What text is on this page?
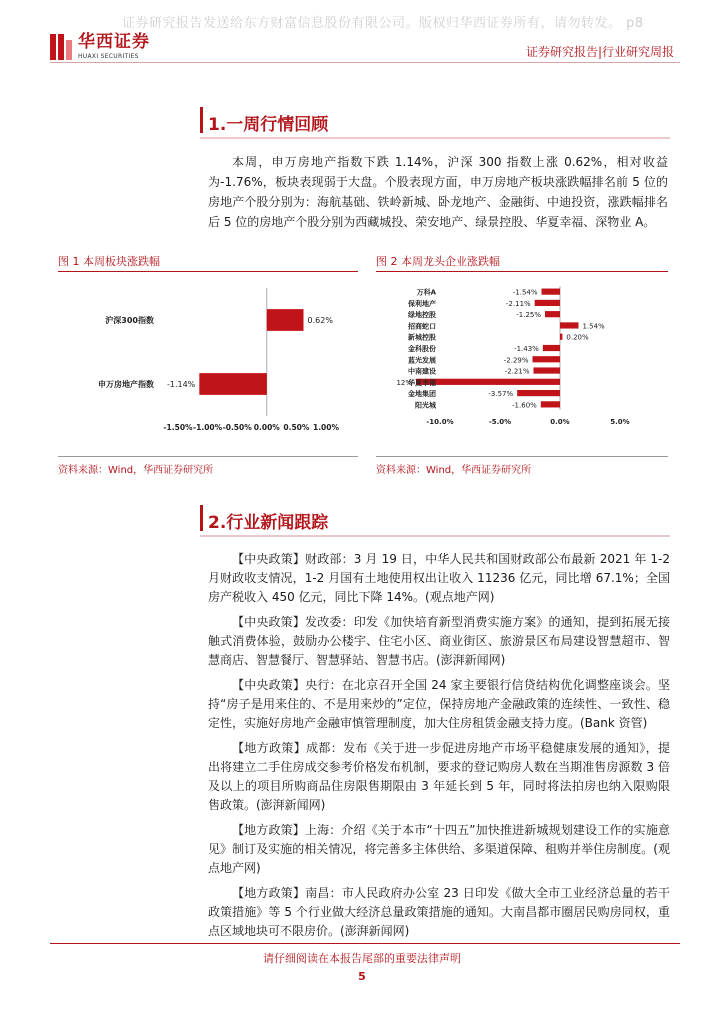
证券研究报告发送给东方财富信息股份有限公司。版权归华西证券所有，请勿转发。 p8
华西证券
HUAXI SECURITIES	证券研究报告|行业研究周报
1.一周行情回顾
本周，申万房地产指数下跌 1.14%，沪深 300 指数上涨 0.62%，相对收益为-1.76%，板块表现弱于大盘。个股表现方面，申万房地产板块涨跌幅排名前 5 位的房地产个股分别为：海航基础、铁岭新城、卧龙地产、金融街、中迪投资，涨跌幅排名后 5 位的房地产个股分别为西藏城投、荣安地产、绿景控股、华夏幸福、深物业 A。
图 1 本周板块涨跌幅
沪深300指数	0.62%
申万房地产指数 -1.14%
-1.50% -1.00% -0.50% 0.00% 0.50% 1.00%
资料来源：Wind，华西证券研究所
图 2 本周龙头企业涨跌幅
万科A	-1.54%
保利地产	-2.11%
绿地控股	-1.25%
招商蛇口	1.54%
新城控股	0.20%
金科股份	-1.43%
蓝光发展	-2.29%
中南建设	-2.21%
华夏幸福
12%
金地集团	-3.57%
阳光城	-1.60%
-10.0%	-5.0%	0.0%	5.0%
资料来源：Wind，华西证券研究所
2.行业新闻跟踪

【中央政策】财政部：3 月 19 日，中华人民共和国财政部公布最新 2021 年 1-2 月财政收支情况，1-2 月国有土地使用权出让收入 11236 亿元，同比增 67.1%；全国房产税收入 450 亿元，同比下降 14%。(观点地产网)

【中央政策】发改委：印发《加快培育新型消费实施方案》的通知，提到拓展无接触式消费体验，鼓励办公楼宇、住宅小区、商业街区、旅游景区布局建设智慧超市、智慧商店、智慧餐厅、智慧驿站、智慧书店。(澎湃新闻网)

【中央政策】央行：在北京召开全国 24 家主要银行信贷结构优化调整座谈会。坚持“房子是用来住的、不是用来炒的”定位，保持房地产金融政策的连续性、一致性、稳定性，实施好房地产金融审慎管理制度，加大住房租赁金融支持力度。(Bank 资管)

【地方政策】成都：发布《关于进一步促进房地产市场平稳健康发展的通知》，提出将建立二手住房成交参考价格发布机制，要求的登记购房人数在当期准售房源数 3 倍及以上的项目所购商品住房限售期限由 3 年延长到 5 年，同时将法拍房也纳入限购限售政策。(澎湃新闻网)

【地方政策】上海：介绍《关于本市“十四五”加快推进新城规划建设工作的实施意见》制订及实施的相关情况，将完善多主体供给、多渠道保障、租购并举住房制度。(观点地产网)

【地方政策】南昌：市人民政府办公室 23 日印发《做大全市工业经济总量的若干政策措施》等 5 个行业做大经济总量政策措施的通知。大南昌都市圈居民购房同权，重点区域地块可不限房价。(澎湃新闻网)

请仔细阅读在本报告尾部的重要法律声明
5
